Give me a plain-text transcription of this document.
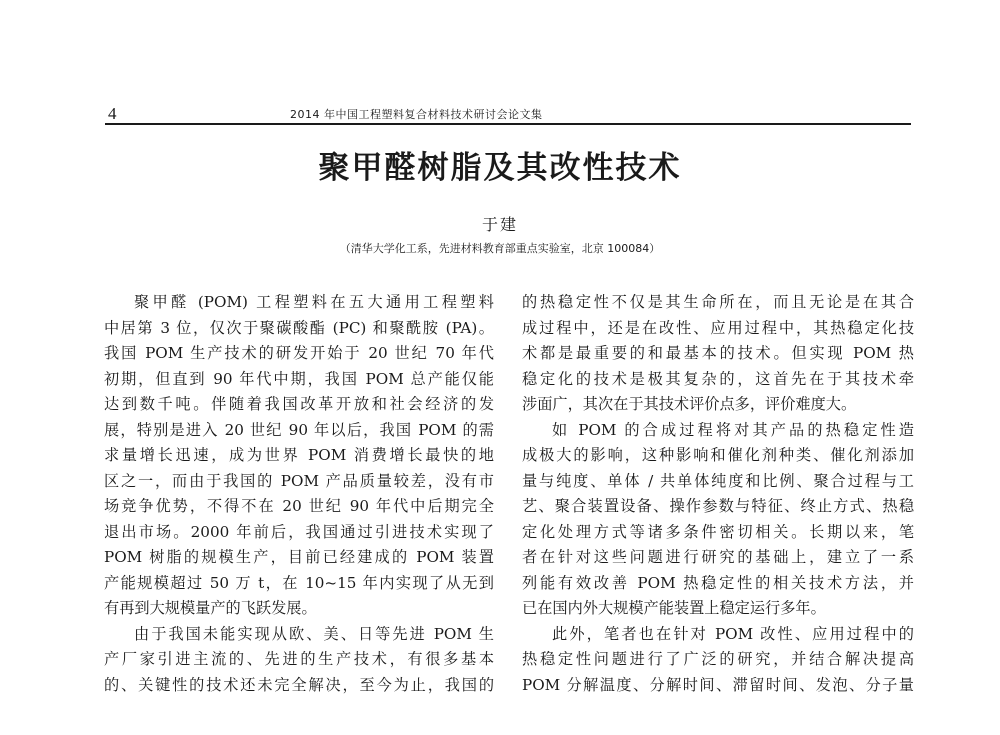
4	2014 年中国工程塑料复合材料技术研讨会论文集
聚甲醛树脂及其改性技术
于建
（清华大学化工系，先进材料教育部重点实验室，北京 100084）
聚甲醛 (POM) 工程塑料在五大通用工程塑料
中居第 3 位，仅次于聚碳酸酯 (PC) 和聚酰胺 (PA)。
我国 POM 生产技术的研发开始于 20 世纪 70 年代
初期，但直到 90 年代中期，我国 POM 总产能仅能
达到数千吨。伴随着我国改革开放和社会经济的发
展，特别是进入 20 世纪 90 年以后，我国 POM 的需
求量增长迅速，成为世界 POM 消费增长最快的地
区之一，而由于我国的 POM 产品质量较差，没有市
场竞争优势，不得不在 20 世纪 90 年代中后期完全
退出市场。2000 年前后，我国通过引进技术实现了
POM 树脂的规模生产，目前已经建成的 POM 装置
产能规模超过 50 万 t，在 10~15 年内实现了从无到
有再到大规模量产的飞跃发展。
由于我国未能实现从欧、美、日等先进 POM 生
产厂家引进主流的、先进的生产技术，有很多基本
的、关键性的技术还未完全解决，至今为止，我国的
的热稳定性不仅是其生命所在，而且无论是在其合
成过程中，还是在改性、应用过程中，其热稳定化技
术都是最重要的和最基本的技术。但实现 POM 热
稳定化的技术是极其复杂的，这首先在于其技术牵
涉面广，其次在于其技术评价点多，评价难度大。
如 POM 的合成过程将对其产品的热稳定性造
成极大的影响，这种影响和催化剂种类、催化剂添加
量与纯度、单体 / 共单体纯度和比例、聚合过程与工
艺、聚合装置设备、操作参数与特征、终止方式、热稳
定化处理方式等诸多条件密切相关。长期以来，笔
者在针对这些问题进行研究的基础上，建立了一系
列能有效改善 POM 热稳定性的相关技术方法，并
已在国内外大规模产能装置上稳定运行多年。
此外，笔者也在针对 POM 改性、应用过程中的
热稳定性问题进行了广泛的研究，并结合解决提高
POM 分解温度、分解时间、滞留时间、发泡、分子量
